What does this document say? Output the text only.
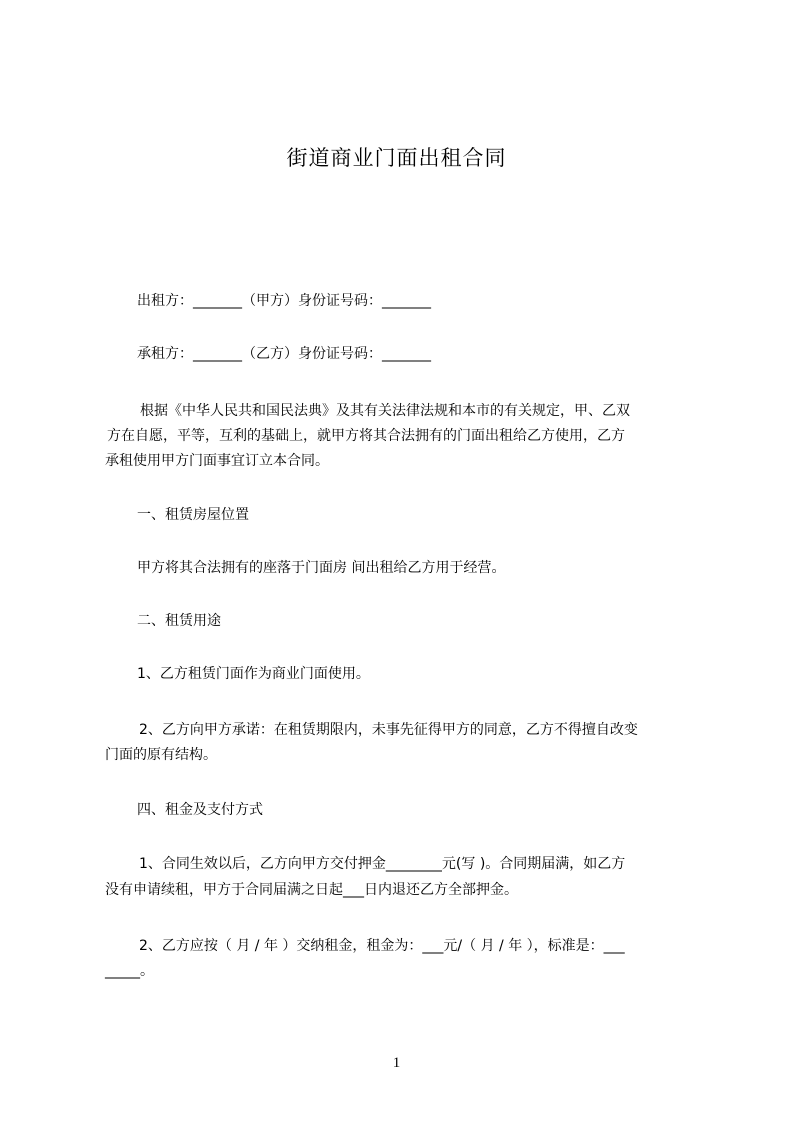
街道商业门面出租合同

出租方：_______（甲方）身份证号码：_______

承租方：_______（乙方）身份证号码：_______

根据《中华人民共和国民法典》及其有关法律法规和本市的有关规定，甲、乙双

方在自愿，平等，互利的基础上，就甲方将其合法拥有的门面出租给乙方使用，乙方

承租使用甲方门面事宜订立本合同。

一、租赁房屋位置

甲方将其合法拥有的座落于门面房 间出租给乙方用于经营。

二、租赁用途

1、乙方租赁门面作为商业门面使用。

2、乙方向甲方承诺：在租赁期限内，未事先征得甲方的同意，乙方不得擅自改变

门面的原有结构。

四、租金及支付方式

1、合同生效以后，乙方向甲方交付押金________元(写 )。合同期届满，如乙方

没有申请续租，甲方于合同届满之日起___日内退还乙方全部押金。

2、乙方应按（ 月 / 年 ）交纳租金，租金为：___元/（ 月 / 年 ），标准是：___

_____。

1
